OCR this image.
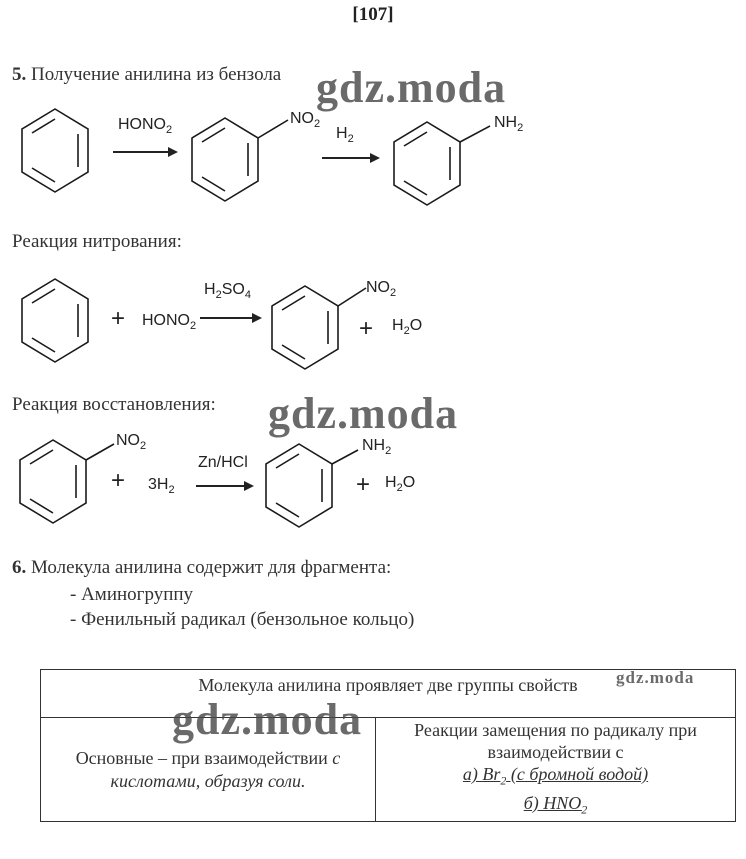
[107]
5. Получение анилина из бензола
$HONO_2$
$NO_2$
$H_2$
$NH_2$
Реакция нитрования:
+ $HONO_2$
$H_2SO_4$	$NO_2$
+ $H_2O$
Реакция восстановления:
$NO_2$
+ $3H_2$
Zn/HCl
$NH_2$
+ $H_2O$
6. Молекула анилина содержит для фрагмента:
- Аминогруппу
- Фенильный радикал (бензольное кольцо)
Молекула анилина проявляет две группы свойств
Основные – при взаимодействии с
кислотами, образуя соли.	Реакции замещения по радикалу при
взаимодействии с
а) $Br_2$ (с бромной водой)
б) $HNO_2$
gdz.moda
gdz.moda
gdz.moda
gdz.moda
